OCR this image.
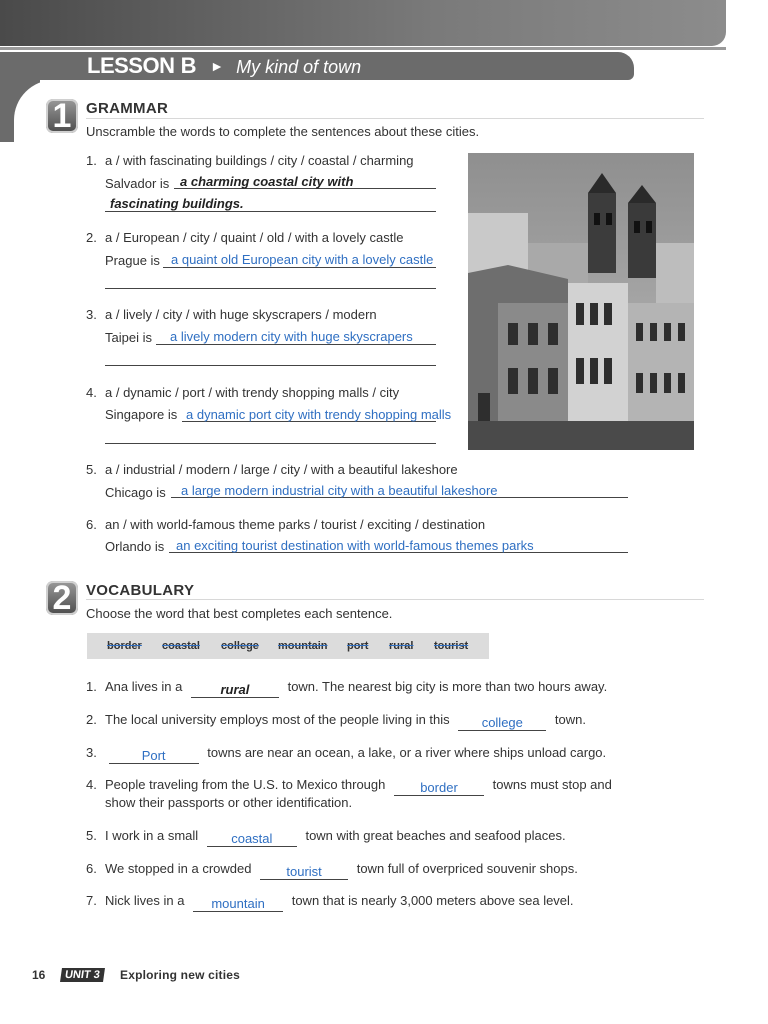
LESSON B ► My kind of town
1 GRAMMAR
Unscramble the words to complete the sentences about these cities.
1. a / with fascinating buildings / city / coastal / charming
Salvador is a charming coastal city with
fascinating buildings.
2. a / European / city / quaint / old / with a lovely castle
Prague is a quaint old European city with a lovely castle
3. a / lively / city / with huge skyscrapers / modern
Taipei is a lively modern city with huge skyscrapers
4. a / dynamic / port / with trendy shopping malls / city
Singapore is a dynamic port city with trendy shopping malls
5. a / industrial / modern / large / city / with a beautiful lakeshore
Chicago is a large modern industrial city with a beautiful lakeshore
6. an / with world-famous theme parks / tourist / exciting / destination
Orlando is an exciting tourist destination with world-famous themes parks
2 VOCABULARY
Choose the word that best completes each sentence.
border coastal college mountain port rural tourist
1. Ana lives in a	rural	town. The nearest big city is more than two hours away.
2. The local university employs most of the people living in this college town.
3.	Port	towns are near an ocean, a lake, or a river where ships unload cargo.
4. People traveling from the U.S. to Mexico through	border	towns must stop and
show their passports or other identification.
5. I work in a small	coastal	town with great beaches and seafood places.
6. We stopped in a crowded	tourist	town full of overpriced souvenir shops.
7. Nick lives in a mountain town that is nearly 3,000 meters above sea level.
16	UNIT 3	Exploring new cities
